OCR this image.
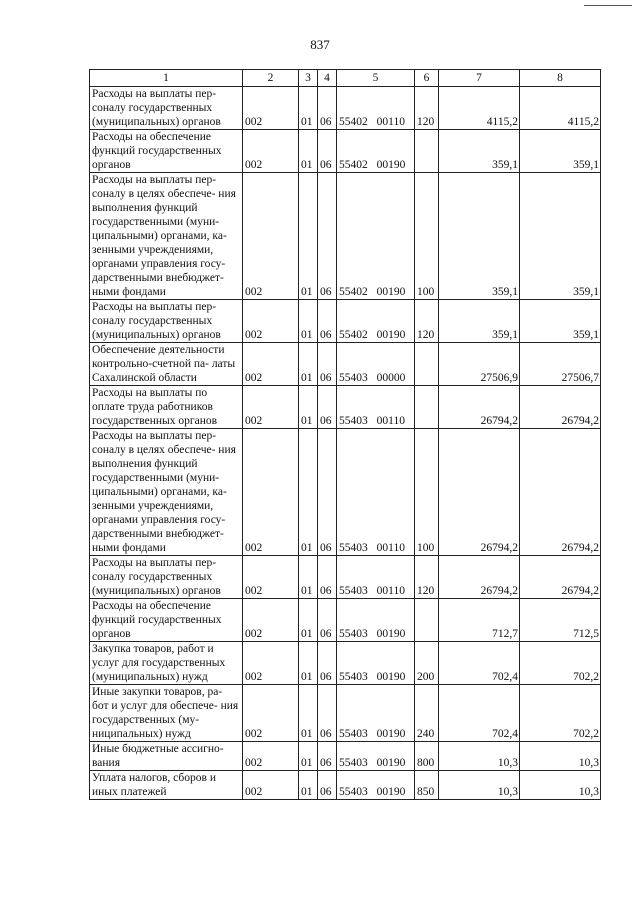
837
1	2	3	4	5	6	7	8
Расходы на выплаты пер- соналу государственных (муниципальных) органов	002	01	06	55402 00110	120	4115,2	4115,2
Расходы на обеспечение функций государственных органов	002	01	06	55402 00190		359,1	359,1
Расходы на выплаты пер- соналу в целях обеспече- ния выполнения функций государственными (муни- ципальными) органами, ка- зенными учреждениями, органами управления госу- дарственными внебюджет- ными фондами	002	01	06	55402 00190	100	359,1	359,1
Расходы на выплаты пер- соналу государственных (муниципальных) органов	002	01	06	55402 00190	120	359,1	359,1
Обеспечение деятельности контрольно-счетной па- латы Сахалинской области	002	01	06	55403 00000		27506,9	27506,7
Расходы на выплаты по оплате труда работников государственных органов	002	01	06	55403 00110		26794,2	26794,2
Расходы на выплаты пер- соналу в целях обеспече- ния выполнения функций государственными (муни- ципальными) органами, ка- зенными учреждениями, органами управления госу- дарственными внебюджет- ными фондами	002	01	06	55403 00110	100	26794,2	26794,2
Расходы на выплаты пер- соналу государственных (муниципальных) органов	002	01	06	55403 00110	120	26794,2	26794,2
Расходы на обеспечение функций государственных органов	002	01	06	55403 00190		712,7	712,5
Закупка товаров, работ и услуг для государственных (муниципальных) нужд	002	01	06	55403 00190	200	702,4	702,2
Иные закупки товаров, ра- бот и услуг для обеспече- ния государственных (му- ниципальных) нужд	002	01	06	55403 00190	240	702,4	702,2
Иные бюджетные ассигно- вания	002	01	06	55403 00190	800	10,3	10,3
Уплата налогов, сборов и иных платежей	002	01	06	55403 00190	850	10,3	10,3
